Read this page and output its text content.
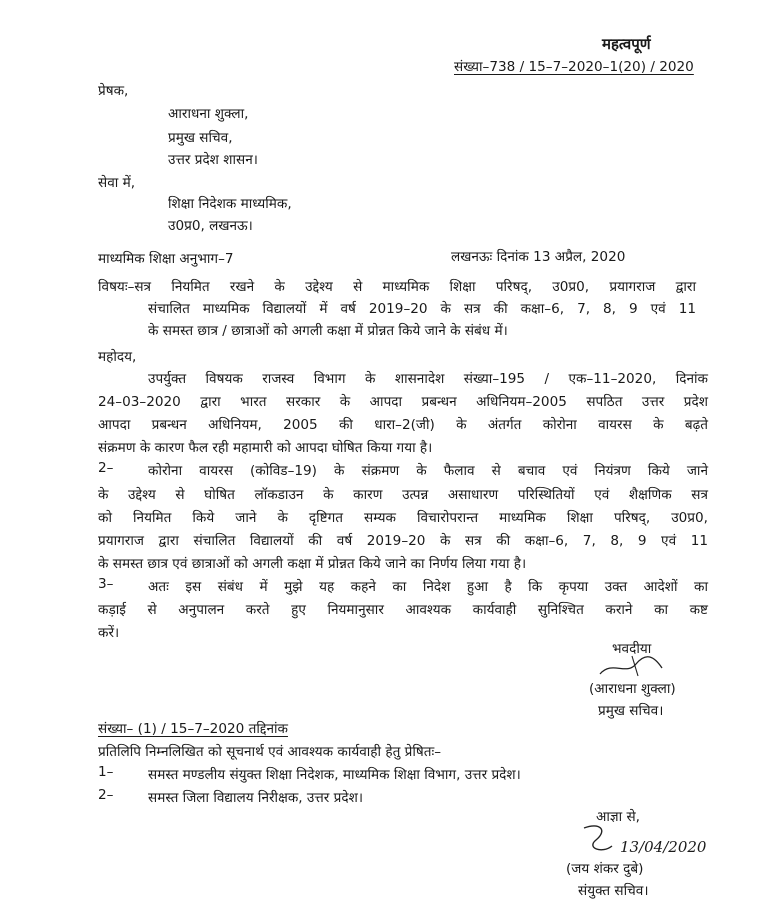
महत्वपूर्ण
संख्या–738 / 15–7–2020–1(20) / 2020
प्रेषक,
आराधना शुक्ला,
प्रमुख सचिव,
उत्तर प्रदेश शासन।
सेवा में,
शिक्षा निदेशक माध्यमिक,
उ0प्र0, लखनऊ।
माध्यमिक शिक्षा अनुभाग–7	लखनऊः दिनांक 13 अप्रैल, 2020
विषयः–सत्र नियमित रखने के उद्देश्य से माध्यमिक शिक्षा परिषद्, उ0प्र0, प्रयागराज द्वारा
संचालित माध्यमिक विद्यालयों में वर्ष 2019–20 के सत्र की कक्षा–6, 7, 8, 9 एवं 11
के समस्त छात्र / छात्राओं को अगली कक्षा में प्रोन्नत किये जाने के संबंध में।
महोदय,
उपर्युक्त विषयक राजस्व विभाग के शासनादेश संख्या–195 / एक–11–2020, दिनांक
24–03–2020 द्वारा भारत सरकार के आपदा प्रबन्धन अधिनियम–2005 सपठित उत्तर प्रदेश
आपदा प्रबन्धन अधिनियम, 2005 की धारा–2(जी) के अंतर्गत कोरोना वायरस के बढ़ते
संक्रमण के कारण फैल रही महामारी को आपदा घोषित किया गया है।
2–	कोरोना वायरस (कोविड–19) के संक्रमण के फैलाव से बचाव एवं नियंत्रण किये जाने
के उद्देश्य से घोषित लॉकडाउन के कारण उत्पन्न असाधारण परिस्थितियों एवं शैक्षणिक सत्र
को नियमित किये जाने के दृष्टिगत सम्यक विचारोपरान्त माध्यमिक शिक्षा परिषद्, उ0प्र0,
प्रयागराज द्वारा संचालित विद्यालयों की वर्ष 2019–20 के सत्र की कक्षा–6, 7, 8, 9 एवं 11
के समस्त छात्र एवं छात्राओं को अगली कक्षा में प्रोन्नत किये जाने का निर्णय लिया गया है।
3–	अतः इस संबंध में मुझे यह कहने का निदेश हुआ है कि कृपया उक्त आदेशों का
कड़ाई से अनुपालन करते हुए नियमानुसार आवश्यक कार्यवाही सुनिश्चित कराने का कष्ट
करें।
भवदीया
(आराधना शुक्ला)
प्रमुख सचिव।
संख्या– (1) / 15–7–2020 तद्दिनांक
प्रतिलिपि निम्नलिखित को सूचनार्थ एवं आवश्यक कार्यवाही हेतु प्रेषितः–
1–	समस्त मण्डलीय संयुक्त शिक्षा निदेशक, माध्यमिक शिक्षा विभाग, उत्तर प्रदेश।
2–	समस्त जिला विद्यालय निरीक्षक, उत्तर प्रदेश।
आज्ञा से,
13/04/2020
(जय शंकर दुबे)
संयुक्त सचिव।
